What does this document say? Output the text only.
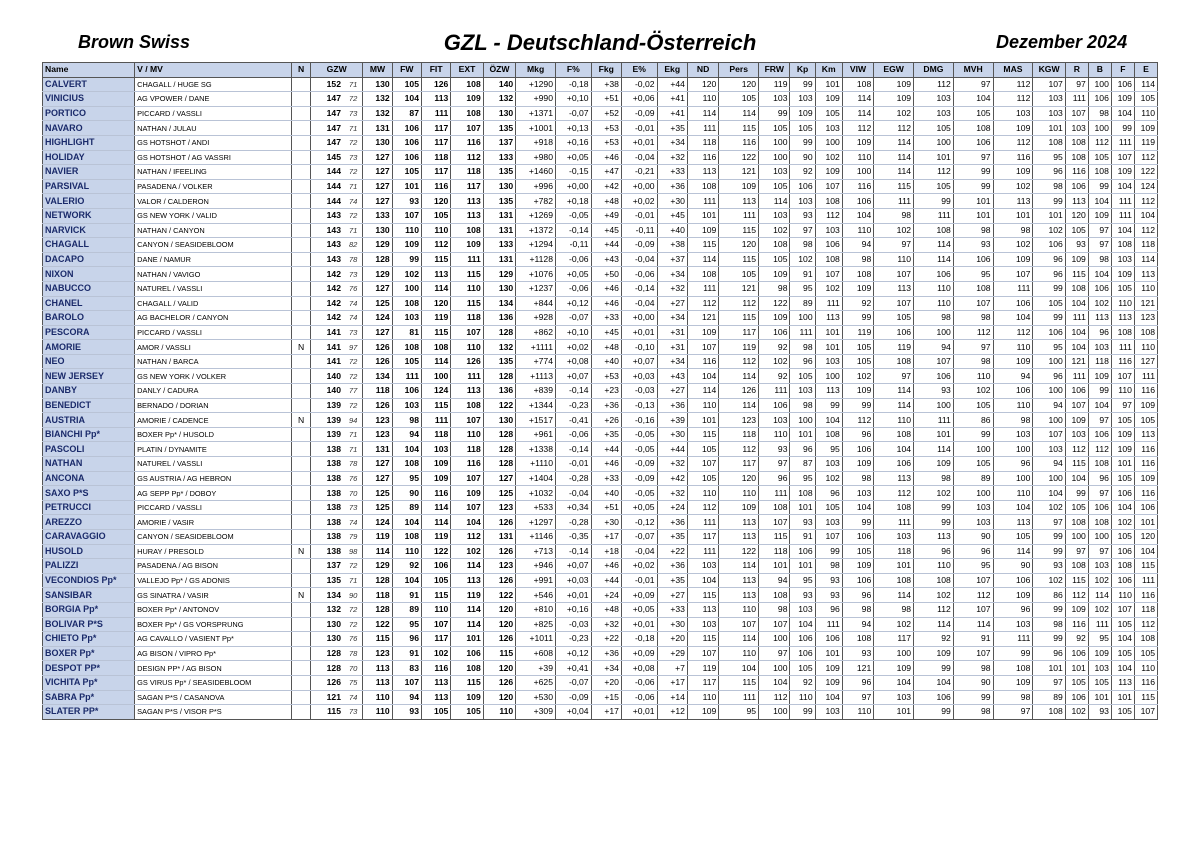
Brown Swiss	GZL - Deutschland-Österreich	Dezember 2024
Name	V / MV	N	GZW		MW	FW	FIT	EXT	ÖZW	Mkg	F%	Fkg	E%	Ekg	ND	Pers	FRW	Kp	Km	VIW	EGW	DMG	MVH	MAS	KGW	R	B	F	E
CALVERT	CHAGALL / HUGE SG		152	71	130	105	126	108	140	+1290	-0,18	+38	-0,02	+44	120	120	119	99	101	108	109	112	97	112	107	97	100	106	114
VINICIUS	AG VPOWER / DANE		147	72	132	104	113	109	132	+990	+0,10	+51	+0,06	+41	110	105	103	103	109	114	109	103	104	112	103	111	106	109	105
PORTICO	PICCARD / VASSLI		147	73	132	87	111	108	130	+1371	-0,07	+52	-0,09	+41	114	114	99	109	105	114	102	103	105	103	103	107	98	104	110
NAVARO	NATHAN / JULAU		147	71	131	106	117	107	135	+1001	+0,13	+53	-0,01	+35	111	115	105	105	103	112	112	105	108	109	101	103	100	99	109
HIGHLIGHT	GS HOTSHOT / ANDI		147	72	130	106	117	116	137	+918	+0,16	+53	+0,01	+34	118	116	100	99	100	109	114	100	106	112	108	108	112	111	119
HOLIDAY	GS HOTSHOT / AG VASSRI		145	73	127	106	118	112	133	+980	+0,05	+46	-0,04	+32	116	122	100	90	102	110	114	101	97	116	95	108	105	107	112
NAVIER	NATHAN / IFEELING		144	72	127	105	117	118	135	+1460	-0,15	+47	-0,21	+33	113	121	103	92	109	100	114	112	99	109	96	116	108	109	122
PARSIVAL	PASADENA / VOLKER		144	71	127	101	116	117	130	+996	+0,00	+42	+0,00	+36	108	109	105	106	107	116	115	105	99	102	98	106	99	104	124
VALERIO	VALOR / CALDERON		144	74	127	93	120	113	135	+782	+0,18	+48	+0,02	+30	111	113	114	103	108	106	111	99	101	113	99	113	104	111	112
NETWORK	GS NEW YORK / VALID		143	72	133	107	105	113	131	+1269	-0,05	+49	-0,01	+45	101	111	103	93	112	104	98	111	101	101	101	120	109	111	104
NARVICK	NATHAN / CANYON		143	71	130	110	110	108	131	+1372	-0,14	+45	-0,11	+40	109	115	102	97	103	110	102	108	98	98	102	105	97	104	112
CHAGALL	CANYON / SEASIDEBLOOM		143	82	129	109	112	109	133	+1294	-0,11	+44	-0,09	+38	115	120	108	98	106	94	97	114	93	102	106	93	97	108	118
DACAPO	DANE / NAMUR		143	78	128	99	115	111	131	+1128	-0,06	+43	-0,04	+37	114	115	105	102	108	98	110	114	106	109	96	109	98	103	114
NIXON	NATHAN / VAVIGO		142	73	129	102	113	115	129	+1076	+0,05	+50	-0,06	+34	108	105	109	91	107	108	107	106	95	107	96	115	104	109	113
NABUCCO	NATUREL / VASSLI		142	76	127	100	114	110	130	+1237	-0,06	+46	-0,14	+32	111	121	98	95	102	109	113	110	108	111	99	108	106	105	110
CHANEL	CHAGALL / VALID		142	74	125	108	120	115	134	+844	+0,12	+46	-0,04	+27	112	112	122	89	111	92	107	110	107	106	105	104	102	110	121
BAROLO	AG BACHELOR / CANYON		142	74	124	103	119	118	136	+928	-0,07	+33	+0,00	+34	121	115	109	100	113	99	105	98	98	104	99	111	113	113	123
PESCORA	PICCARD / VASSLI		141	73	127	81	115	107	128	+862	+0,10	+45	+0,01	+31	109	117	106	111	101	119	106	100	112	112	106	104	96	108	108
AMORIE	AMOR / VASSLI	N	141	97	126	108	108	110	132	+1111	+0,02	+48	-0,10	+31	107	119	92	98	101	105	119	94	97	110	95	104	103	111	110
NEO	NATHAN / BARCA		141	72	126	105	114	126	135	+774	+0,08	+40	+0,07	+34	116	112	102	96	103	105	108	107	98	109	100	121	118	116	127
NEW JERSEY	GS NEW YORK / VOLKER		140	72	134	111	100	111	128	+1113	+0,07	+53	+0,03	+43	104	114	92	105	100	102	97	106	110	94	96	111	109	107	111
DANBY	DANLY / CADURA		140	77	118	106	124	113	136	+839	-0,14	+23	-0,03	+27	114	126	111	103	113	109	114	93	102	106	100	106	99	110	116
BENEDICT	BERNADO / DORIAN		139	72	126	103	115	108	122	+1344	-0,23	+36	-0,13	+36	110	114	106	98	99	99	114	100	105	110	94	107	104	97	109
AUSTRIA	AMORIE / CADENCE	N	139	94	123	98	111	107	130	+1517	-0,41	+26	-0,16	+39	101	123	103	100	104	112	110	111	86	98	100	109	97	105	105
BIANCHI Pp*	BOXER Pp* / HUSOLD		139	71	123	94	118	110	128	+961	-0,06	+35	-0,05	+30	115	118	110	101	108	96	108	101	99	103	107	103	106	109	113
PASCOLI	PLATIN / DYNAMITE		138	71	131	104	103	118	128	+1338	-0,14	+44	-0,05	+44	105	112	93	96	95	106	104	114	100	100	103	112	112	109	116
NATHAN	NATUREL / VASSLI		138	78	127	108	109	116	128	+1110	-0,01	+46	-0,09	+32	107	117	97	87	103	109	106	109	105	96	94	115	108	101	116
ANCONA	GS AUSTRIA / AG HEBRON		138	76	127	95	109	107	127	+1404	-0,28	+33	-0,09	+42	105	120	96	95	102	98	113	98	89	100	100	104	96	105	109
SAXO P*S	AG SEPP Pp* / DOBOY		138	70	125	90	116	109	125	+1032	-0,04	+40	-0,05	+32	110	110	111	108	96	103	112	102	100	110	104	99	97	106	116
PETRUCCI	PICCARD / VASSLI		138	73	125	89	114	107	123	+533	+0,34	+51	+0,05	+24	112	109	108	101	105	104	108	99	103	104	102	105	106	104	106
AREZZO	AMORIE / VASIR		138	74	124	104	114	104	126	+1297	-0,28	+30	-0,12	+36	111	113	107	93	103	99	111	99	103	113	97	108	108	102	101
CARAVAGGIO	CANYON / SEASIDEBLOOM		138	79	119	108	119	112	131	+1146	-0,35	+17	-0,07	+35	117	113	115	91	107	106	103	113	90	105	99	100	100	105	120
HUSOLD	HURAY / PRESOLD	N	138	98	114	110	122	102	126	+713	-0,14	+18	-0,04	+22	111	122	118	106	99	105	118	96	96	114	99	97	97	106	104
PALIZZI	PASADENA / AG BISON		137	72	129	92	106	114	123	+946	+0,07	+46	+0,02	+36	103	114	101	101	98	109	101	110	95	90	93	108	103	108	115
VECONDIOS Pp*	VALLEJO Pp* / GS ADONIS		135	71	128	104	105	113	126	+991	+0,03	+44	-0,01	+35	104	113	94	95	93	106	108	108	107	106	102	115	102	106	111
SANSIBAR	GS SINATRA / VASIR	N	134	90	118	91	115	119	122	+546	+0,01	+24	+0,09	+27	115	113	108	93	93	96	114	102	112	109	86	112	114	110	116
BORGIA Pp*	BOXER Pp* / ANTONOV		132	72	128	89	110	114	120	+810	+0,16	+48	+0,05	+33	113	110	98	103	96	98	98	112	107	96	99	109	102	107	118
BOLIVAR P*S	BOXER Pp* / GS VORSPRUNG		130	72	122	95	107	114	120	+825	-0,03	+32	+0,01	+30	103	107	107	104	111	94	102	114	114	103	98	116	111	105	112
CHIETO Pp*	AG CAVALLO / VASIENT Pp*		130	76	115	96	117	101	126	+1011	-0,23	+22	-0,18	+20	115	114	100	106	106	108	117	92	91	111	99	92	95	104	108
BOXER Pp*	AG BISON / VIPRO Pp*		128	78	123	91	102	106	115	+608	+0,12	+36	+0,09	+29	107	110	97	106	101	93	100	109	107	99	96	106	109	105	105
DESPOT PP*	DESIGN PP* / AG BISON		128	70	113	83	116	108	120	+39	+0,41	+34	+0,08	+7	119	104	100	105	109	121	109	99	98	108	101	101	103	104	110
VICHITA Pp*	GS VIRUS Pp* / SEASIDEBLOOM		126	75	113	107	113	115	126	+625	-0,07	+20	-0,06	+17	117	115	104	92	109	96	104	104	90	109	97	105	105	113	116
SABRA Pp*	SAGAN P*S / CASANOVA		121	74	110	94	113	109	120	+530	-0,09	+15	-0,06	+14	110	111	112	110	104	97	103	106	99	98	89	106	101	101	115
SLATER PP*	SAGAN P*S / VISOR P*S		115	73	110	93	105	105	110	+309	+0,04	+17	+0,01	+12	109	95	100	99	103	110	101	99	98	97	108	102	93	105	107
